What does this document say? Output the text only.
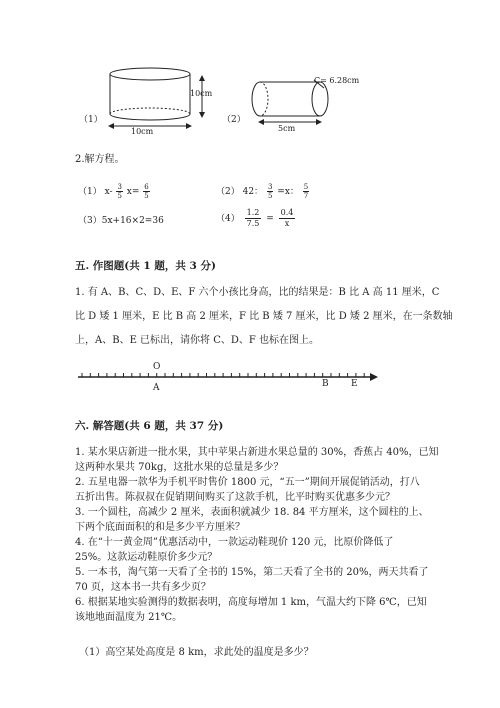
（1）
10cm
10cm
（2）
C= 6.28cm
5cm
2.解方程。
（1） $x- \frac{3}{5} x= \frac{6}{5}$	（2） 42： $\frac{3}{5} =x$： $\frac{5}{7}$
（3）5x+16×2=36	$(4) \frac{1.2}{7.5} = \frac{0.4}{x}$
五. 作图题(共 1 题，共 3 分)
1. 有 A、B、C、D、E、F 六个小孩比身高，比的结果是：B 比 A 高 11 厘米，C
比 D 矮 1 厘米，E 比 B 高 2 厘米，F 比 B 矮 7 厘米，比 D 矮 2 厘米，在一条数轴
上，A、B、E 已标出，请你将 C、D、F 也标在图上。
O
A	B E
六. 解答题(共 6 题，共 37 分)
1. 某水果店新进一批水果，其中苹果占新进水果总量的 30%，香蕉占 40%，已知
这两种水果共 70kg，这批水果的总量是多少？
2. 五星电器一款华为手机平时售价 1800 元，“五一”期间开展促销活动，打八
五折出售。陈叔叔在促销期间购买了这款手机，比平时购买优惠多少元？
3. 一个圆柱，高减少 2 厘米，表面积就减少 18. 84 平方厘米，这个圆柱的上、
下两个底面面积的和是多少平方厘米？
4. 在“十一黄金周”优惠活动中，一款运动鞋现价 120 元，比原价降低了
25%。这款运动鞋原价多少元？
5. 一本书，淘气第一天看了全书的 15%，第二天看了全书的 20%，两天共看了
70 页，这本书一共有多少页？
6. 根据某地实验测得的数据表明，高度每增加 1 km，气温大约下降 6℃，已知
该地地面温度为 21℃。
（1）高空某处高度是 8 km，求此处的温度是多少？
